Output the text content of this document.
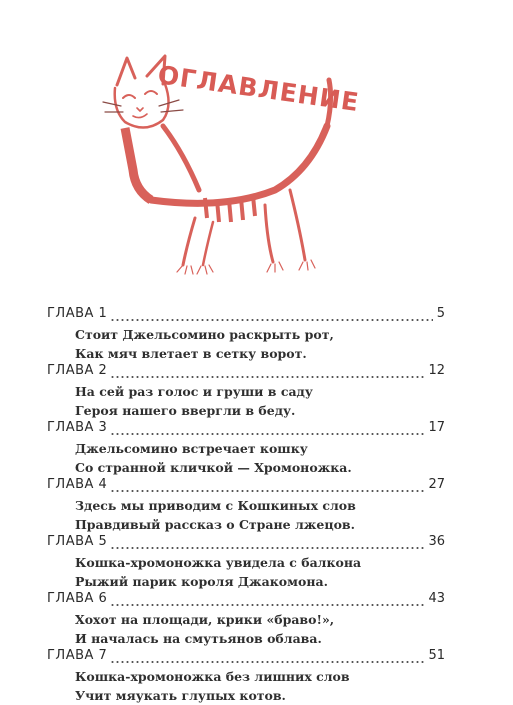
ОГЛАВЛЕНИЕ
ГЛАВА 1	5
Стоит Джельсомино раскрыть рот,
Как мяч влетает в сетку ворот.
ГЛАВА 2	12
На сей раз голос и груши в саду
Героя нашего ввергли в беду.
ГЛАВА 3	17
Джельсомино встречает кошку
Со странной кличкой — Хромоножка.
ГЛАВА 4	27
Здесь мы приводим с Кошкиных слов
Правдивый рассказ о Стране лжецов.
ГЛАВА 5	36
Кошка-хромоножка увидела с балкона
Рыжий парик короля Джакомона.
ГЛАВА 6	43
Хохот на площади, крики «браво!»,
И началась на смутьянов облава.
ГЛАВА 7	51
Кошка-хромоножка без лишних слов
Учит мяукать глупых котов.
